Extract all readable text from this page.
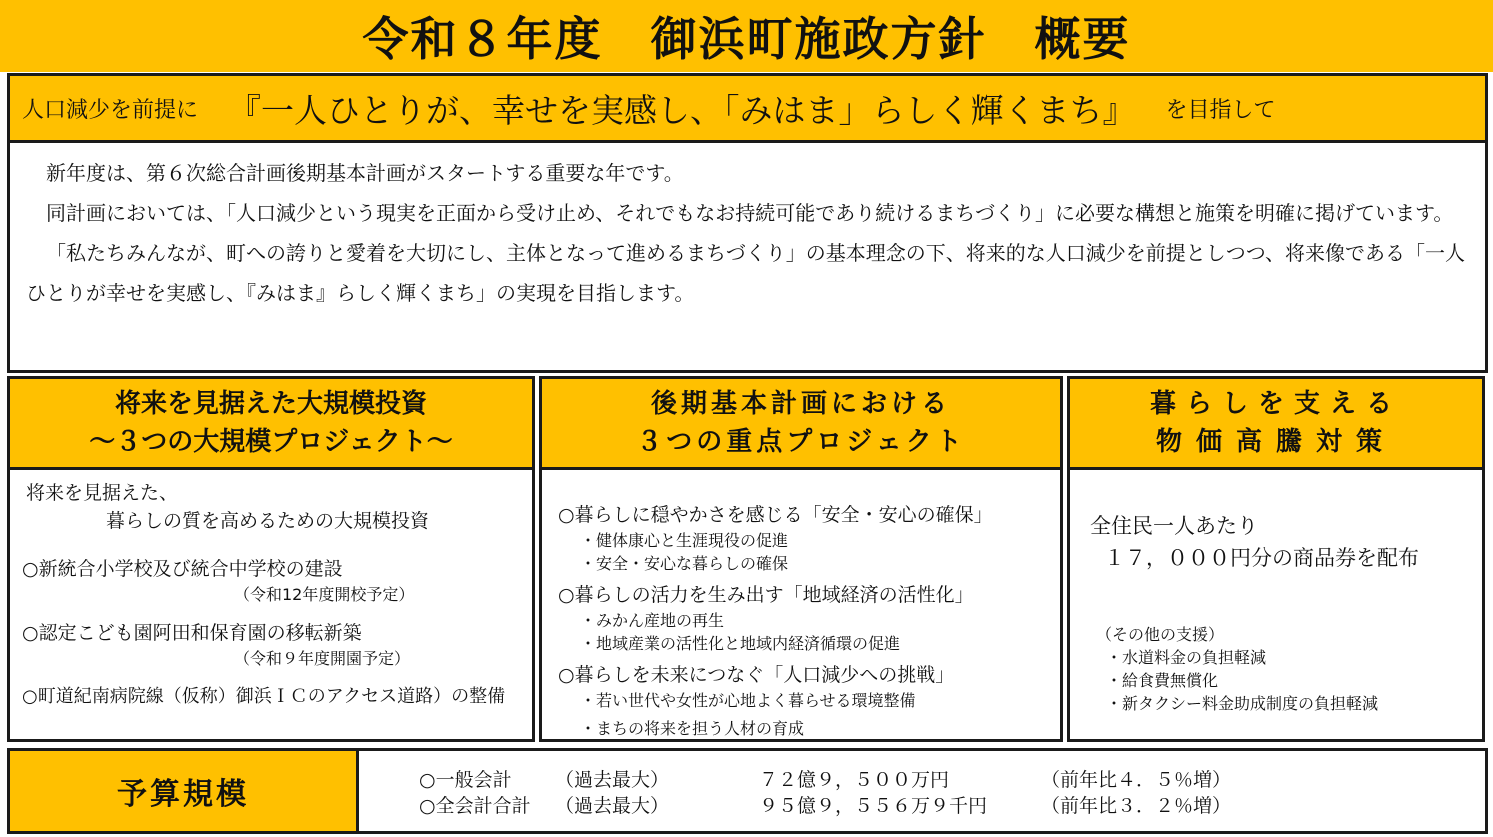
令和８年度　御浜町施政方針　概要
人口減少を前提に 『一人ひとりが、幸せを実感し、「みはま」らしく輝くまち』 を目指して

新年度は、第６次総合計画後期基本計画がスタートする重要な年です。

同計画においては、「人口減少という現実を正面から受け止め、それでもなお持続可能であり続けるまちづくり」に必要な構想と施策を明確に掲げています。

「私たちみんなが、町への誇りと愛着を大切にし、主体となって進めるまちづくり」の基本理念の下、将来的な人口減少を前提としつつ、将来像である「一人ひとりが幸せを実感し、『みはま』らしく輝くまち」の実現を目指します。

将来を見据えた大規模投資
～３つの大規模プロジェクト～
将来を見据えた、
暮らしの質を高めるための大規模投資
○新統合小学校及び統合中学校の建設
（令和12年度開校予定）
○認定こども園阿田和保育園の移転新築
（令和９年度開園予定）
○町道紀南病院線（仮称）御浜ＩＣのアクセス道路）の整備
後期基本計画における
３つの重点プロジェクト
○暮らしに穏やかさを感じる「安全・安心の確保」
・健体康心と生涯現役の促進
・安全・安心な暮らしの確保
○暮らしの活力を生み出す「地域経済の活性化」
・みかん産地の再生
・地域産業の活性化と地域内経済循環の促進
○暮らしを未来につなぐ「人口減少への挑戦」
・若い世代や女性が心地よく暮らせる環境整備
・まちの将来を担う人材の育成
暮らしを支える
物価高騰対策
全住民一人あたり
１７，０００円分の商品券を配布
（その他の支援）
・水道料金の負担軽減
・給食費無償化
・新タクシー料金助成制度の負担軽減
予算規模	○一般会計 （過去最大）	７２億９，５００万円	（前年比４．５％増）
○全会計合計 （過去最大）	９５億９，５５６万９千円	（前年比３．２％増）
